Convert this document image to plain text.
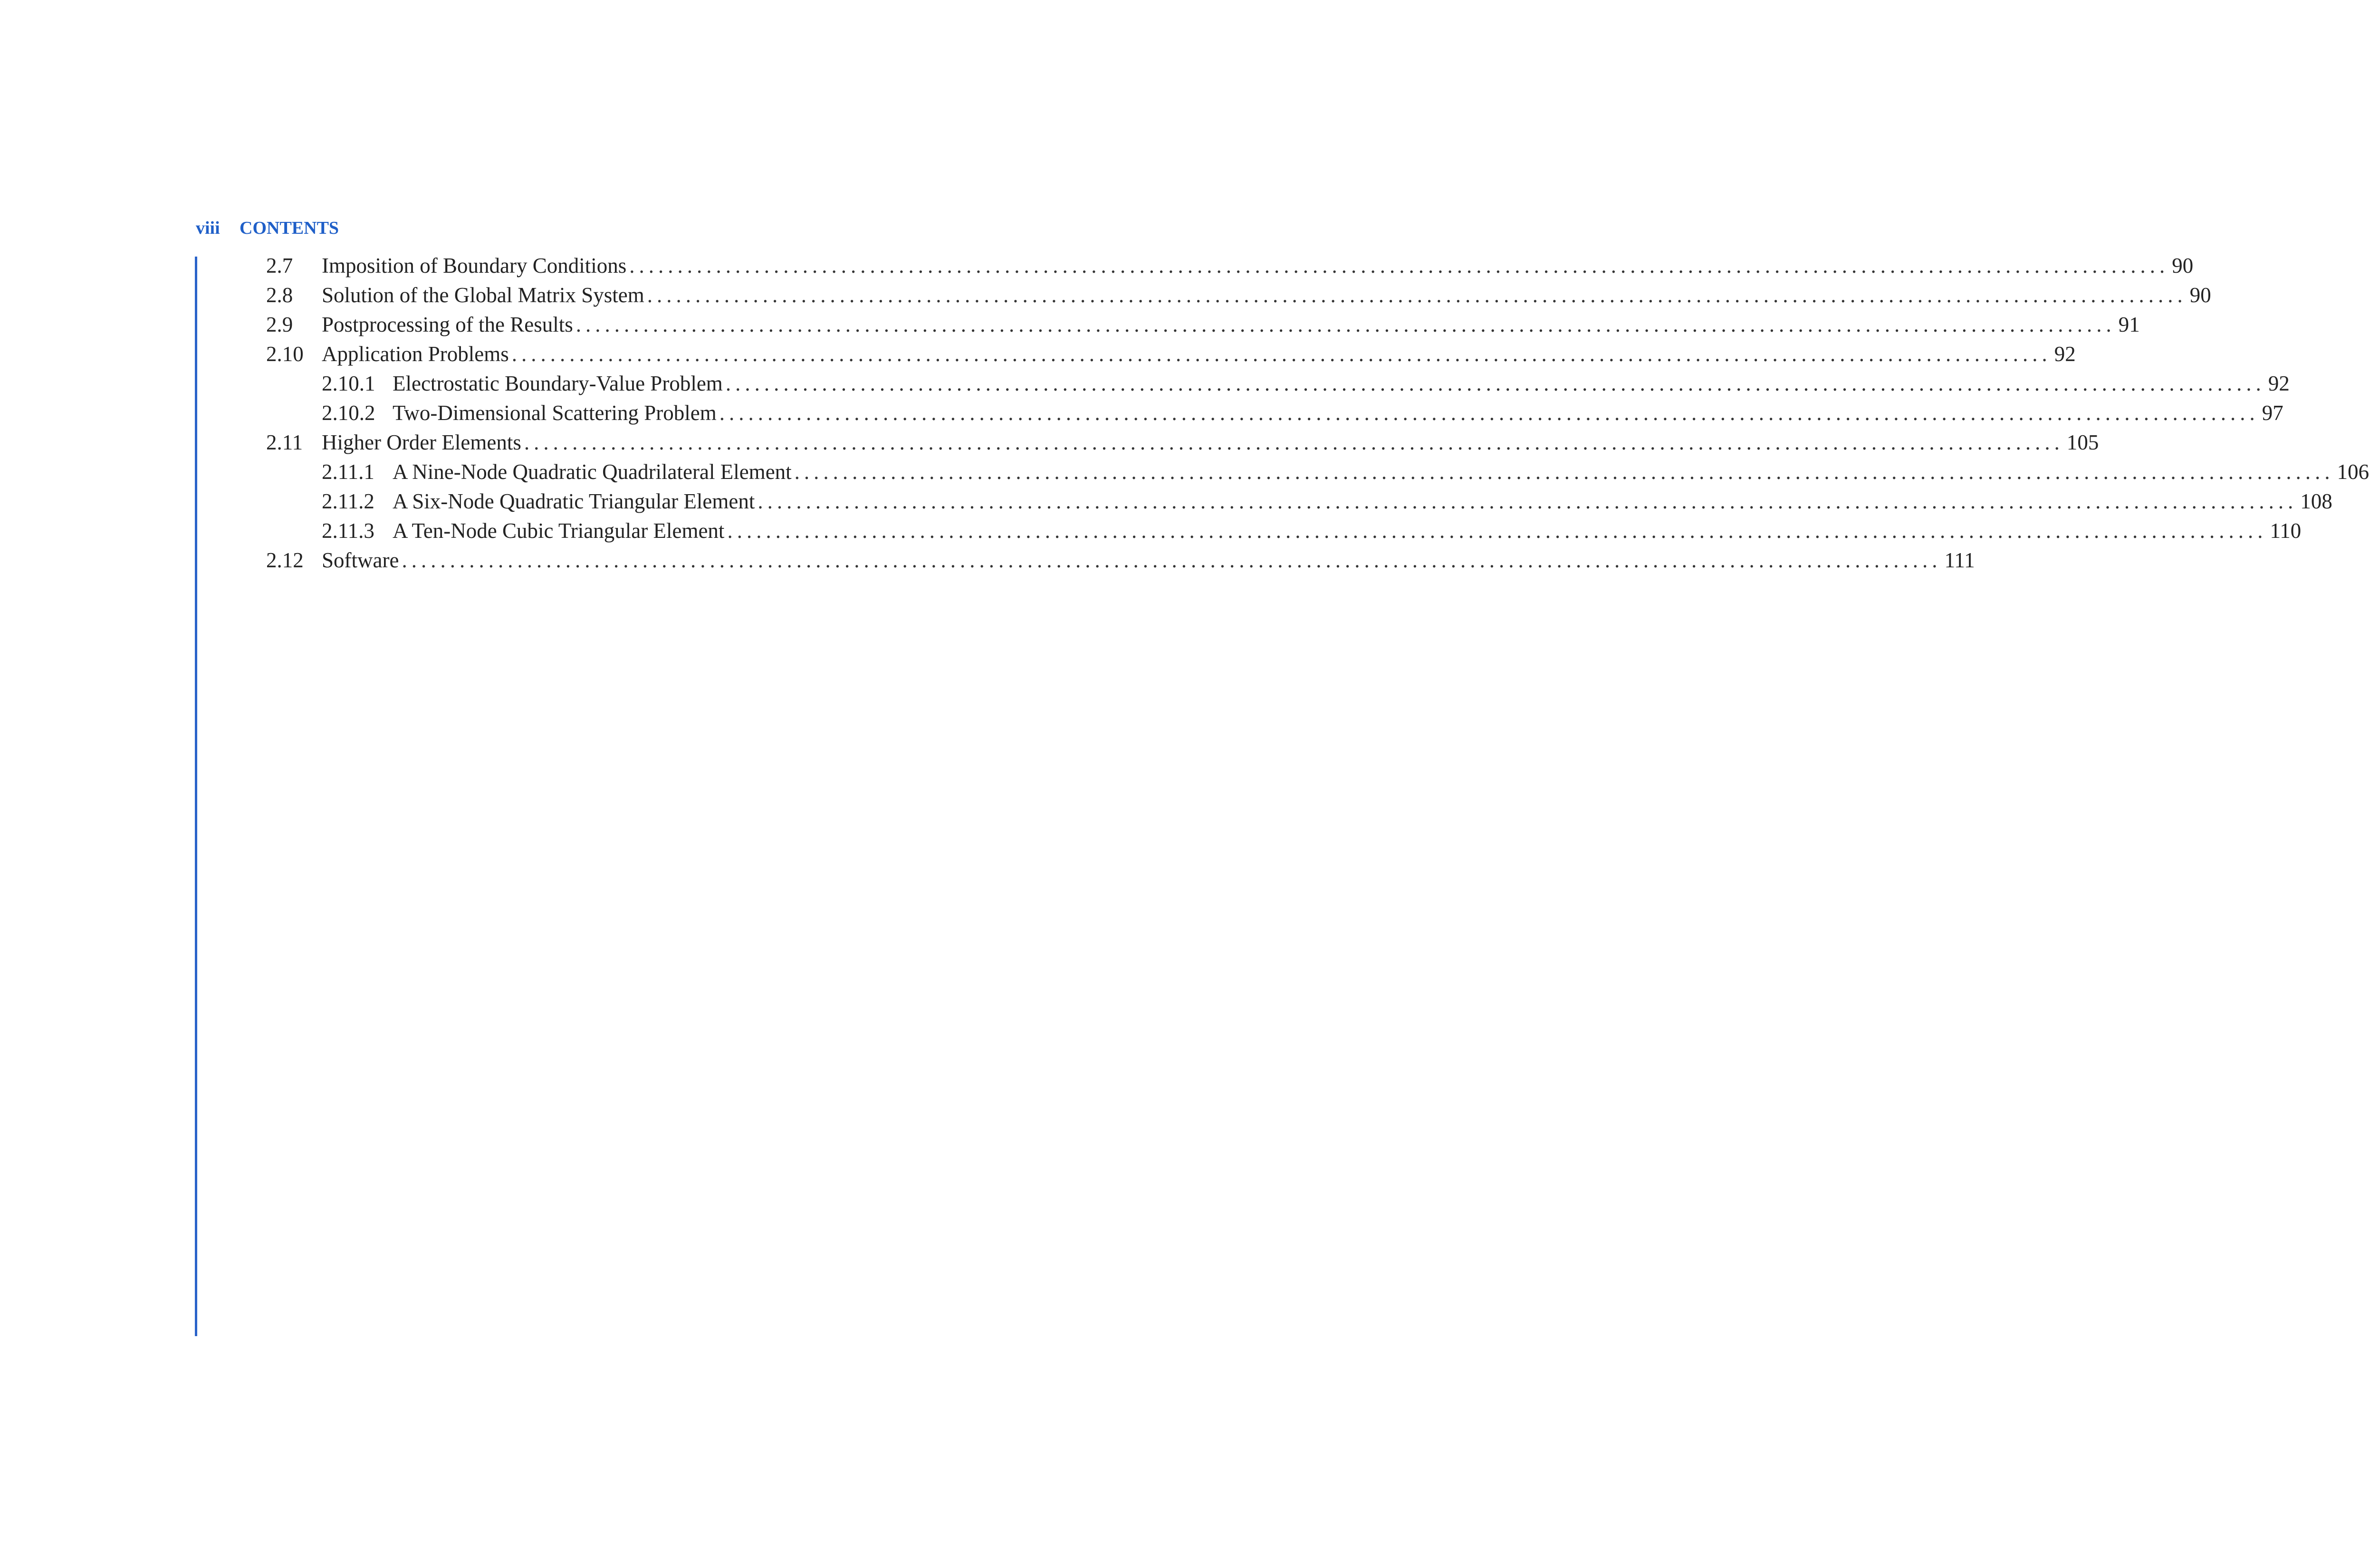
viii	CONTENTS
2.7 Imposition of Boundary Conditions ................................................................................................................................................................ 90
2.8 Solution of the Global Matrix System ................................................................................................................................................................ 90
2.9 Postprocessing of the Results ................................................................................................................................................................ 91
2.10 Application Problems ................................................................................................................................................................ 92
2.10.1 Electrostatic Boundary-Value Problem ................................................................................................................................................................ 92
2.10.2 Two-Dimensional Scattering Problem ................................................................................................................................................................ 97
2.11 Higher Order Elements ................................................................................................................................................................ 105
2.11.1 A Nine-Node Quadratic Quadrilateral Element ................................................................................................................................................................ 106
2.11.2 A Six-Node Quadratic Triangular Element ................................................................................................................................................................ 108
2.11.3 A Ten-Node Cubic Triangular Element ................................................................................................................................................................ 110
2.12 Software ................................................................................................................................................................ 111
